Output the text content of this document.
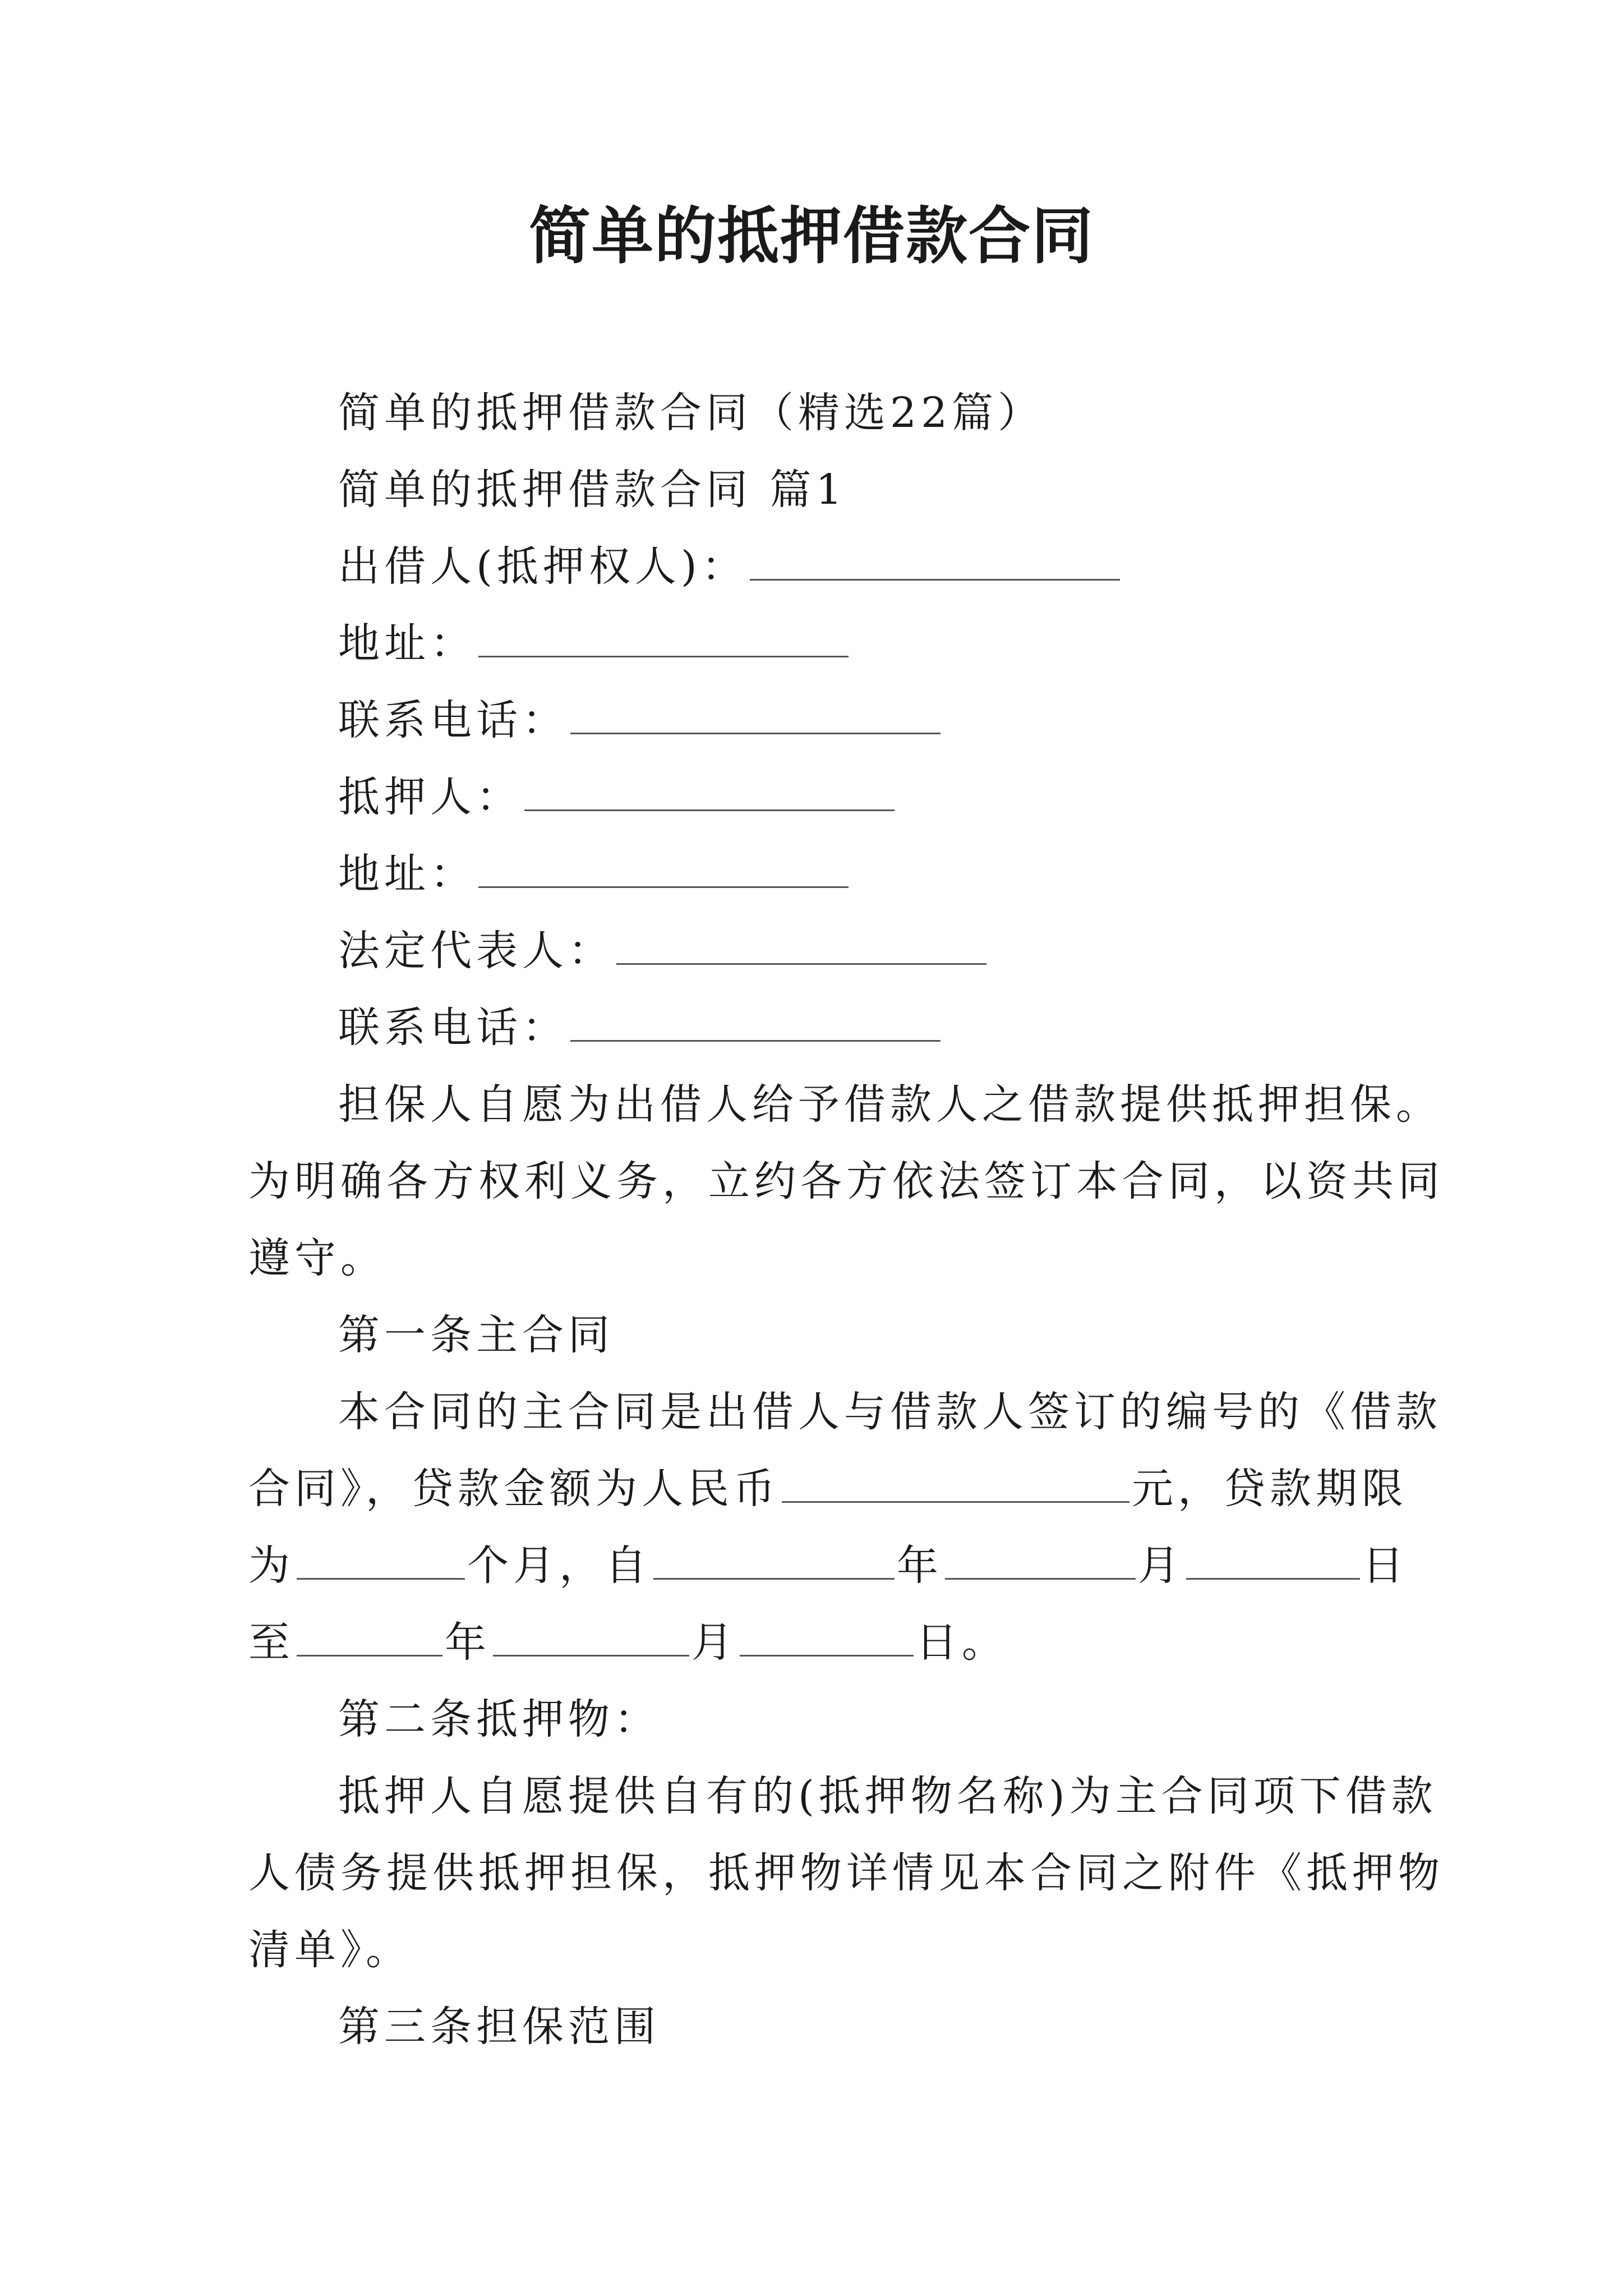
简单的抵押借款合同
简单的抵押借款合同（精选22篇）
简单的抵押借款合同 篇1
出借人(抵押权人)：
地址：
联系电话：
抵押人：
地址：
法定代表人：
联系电话：
担保人自愿为出借人给予借款人之借款提供抵押担保。
为明确各方权利义务，立约各方依法签订本合同，以资共同
遵守。
第一条主合同
本合同的主合同是出借人与借款人签订的编号的《借款
合同》，贷款金额为人民币	元，贷款期限
为	个月，自	年	月	日
至	年	月	日。
第二条抵押物：
抵押人自愿提供自有的(抵押物名称)为主合同项下借款
人债务提供抵押担保，抵押物详情见本合同之附件《抵押物
清单》。
第三条担保范围
